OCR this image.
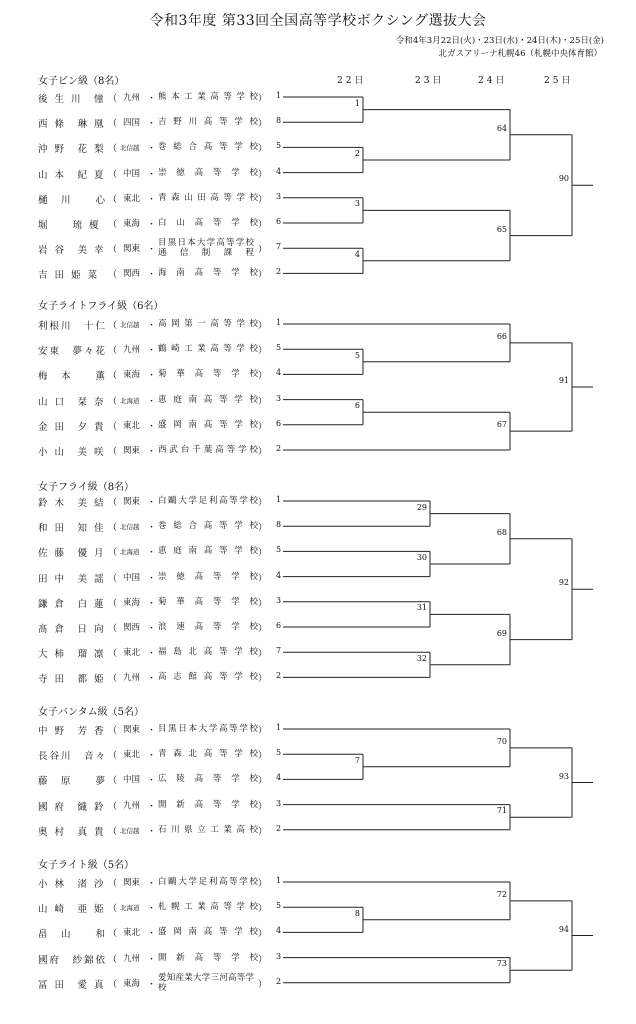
令和3年度 第33回全国高等学校ボクシング選抜大会
令和4年3月22日(火)・23日(水)・24日(木)・25日(金)
北ガスアリーナ札幌46（札幌中央体育館）
22日	23日	24日	25日
女子ピン級（8名）
後 生 川　憧 （ 九州 ・ 熊本工業高等学校 ） 1
西 條　琳 凰 （ 四国 ・ 吉野川高等学校 ） 8
沖 野　花 梨 （ 北信越 ・ 巻総合高等学校 ） 5
山 本　紀 夏 （ 中国 ・ 崇徳高等学校 ） 4
樋　川　　心 （ 東北 ・ 青森山田高等学校 ） 3
堀　　琉 榎 （ 東海 ・ 白山高等学校 ） 6
岩 谷　美 幸 （ 関東 ・
目黒日本大学高等学校　通信制課程 ） 7
吉 田 姫 菜 （ 関西 ・ 海南高等学校 ） 2
1
2
3
4
64
65
90
女子ライトフライ級（6名）
利根川　十仁 （ 北信越 ・ 高岡第一高等学校 ） 1
安東　夢々花 （ 九州 ・ 鶴崎工業高等学校 ） 5
梅　本　　薫 （ 東海 ・ 菊華高等学校 ） 4
山 口　栞 奈 （ 北海道 ・ 恵庭南高等学校 ） 3
金 田　夕 貴 （ 東北 ・ 盛岡南高等学校 ） 6
小 山　美 咲 （ 関東 ・ 西武台千葉高等学校 ） 2
5
6
66
67
91
女子フライ級（8名）
鈴 木　美 結 （ 関東 ・ 白鷗大学足利高等学校 ） 1
和 田　知 佳 （ 北信越 ・ 巻総合高等学校 ） 8
佐 藤　優 月 （ 北海道 ・ 恵庭南高等学校 ） 5
田 中　美 謡 （ 中国 ・ 崇徳高等学校 ） 4
鎌 倉　白 蓮 （ 東海 ・ 菊華高等学校 ） 3
髙 倉　日 向 （ 関西 ・ 浪速高等学校 ） 6
大 柿　瑠 凛 （ 東北 ・ 福島北高等学校 ） 7
寺 田　都 姫 （ 九州 ・ 高志館高等学校 ） 2
29
30
31
32
68
69
92
女子バンタム級（5名）
中 野　芳 香 （ 関東 ・ 目黒日本大学高等学校 ） 1
長谷川　音々 （ 東北 ・ 青森北高等学校 ） 5
藤　原　　夢 （ 中国 ・ 広陵高等学校 ） 4
國 府　織 鈴 （ 九州 ・ 開新高等学校 ） 3
奥 村　真 貴 （ 北信越 ・ 石川県立工業高校 ） 2
7
70
71
93
女子ライト級（5名）
小 林　渚 沙 （ 関東 ・ 白鷗大学足利高等学校 ） 1
山 崎　亜 姫 （ 北海道 ・ 札幌工業高等学校 ） 5
畠　山　　和 （ 東北 ・ 盛岡南高等学校 ） 4
國府　紗錦依 （ 九州 ・ 開新高等学校 ） 3
冨 田　愛 真 （ 東海 ・
愛知産業大学三河高等学校	） 2
8
72
73
94
